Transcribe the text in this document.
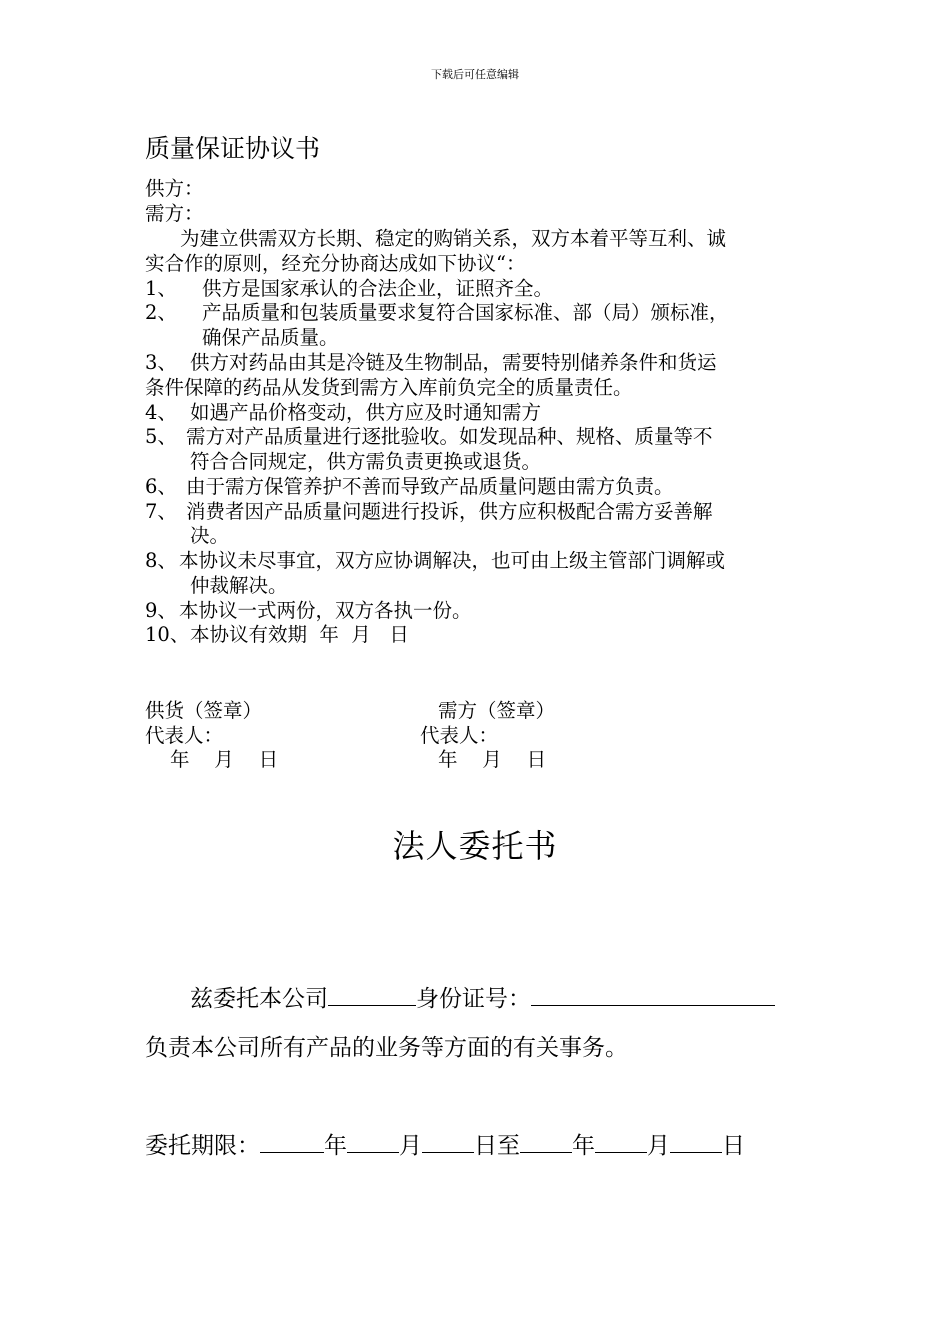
下载后可任意编辑
质量保证协议书
供方：
需方：
为建立供需双方长期、稳定的购销关系，双方本着平等互利、诚
实合作的原则，经充分协商达成如下协议“：
1、 供方是国家承认的合法企业，证照齐全。
2、 产品质量和包装质量要求复符合国家标准、部（局）颁标准，
确保产品质量。
3、 供方对药品由其是冷链及生物制品，需要特别储养条件和货运
条件保障的药品从发货到需方入库前负完全的质量责任。
4、 如遇产品价格变动，供方应及时通知需方
5、 需方对产品质量进行逐批验收。如发现品种、规格、质量等不
符合合同规定，供方需负责更换或退货。
6、 由于需方保管养护不善而导致产品质量问题由需方负责。
7、 消费者因产品质量问题进行投诉，供方应积极配合需方妥善解
决。
8、 本协议未尽事宜，双方应协调解决，也可由上级主管部门调解或
仲裁解决。
9、 本协议一式两份，双方各执一份。
10、 本协议有效期  年  月   日
供货（签章）
代表人：
年    月    日
需方（签章）
代表人：
年    月    日
法人委托书
兹委托本公司	身份证号：
负责本公司所有产品的业务等方面的有关事务。
委托期限：	年 月 日至 年 月 日
